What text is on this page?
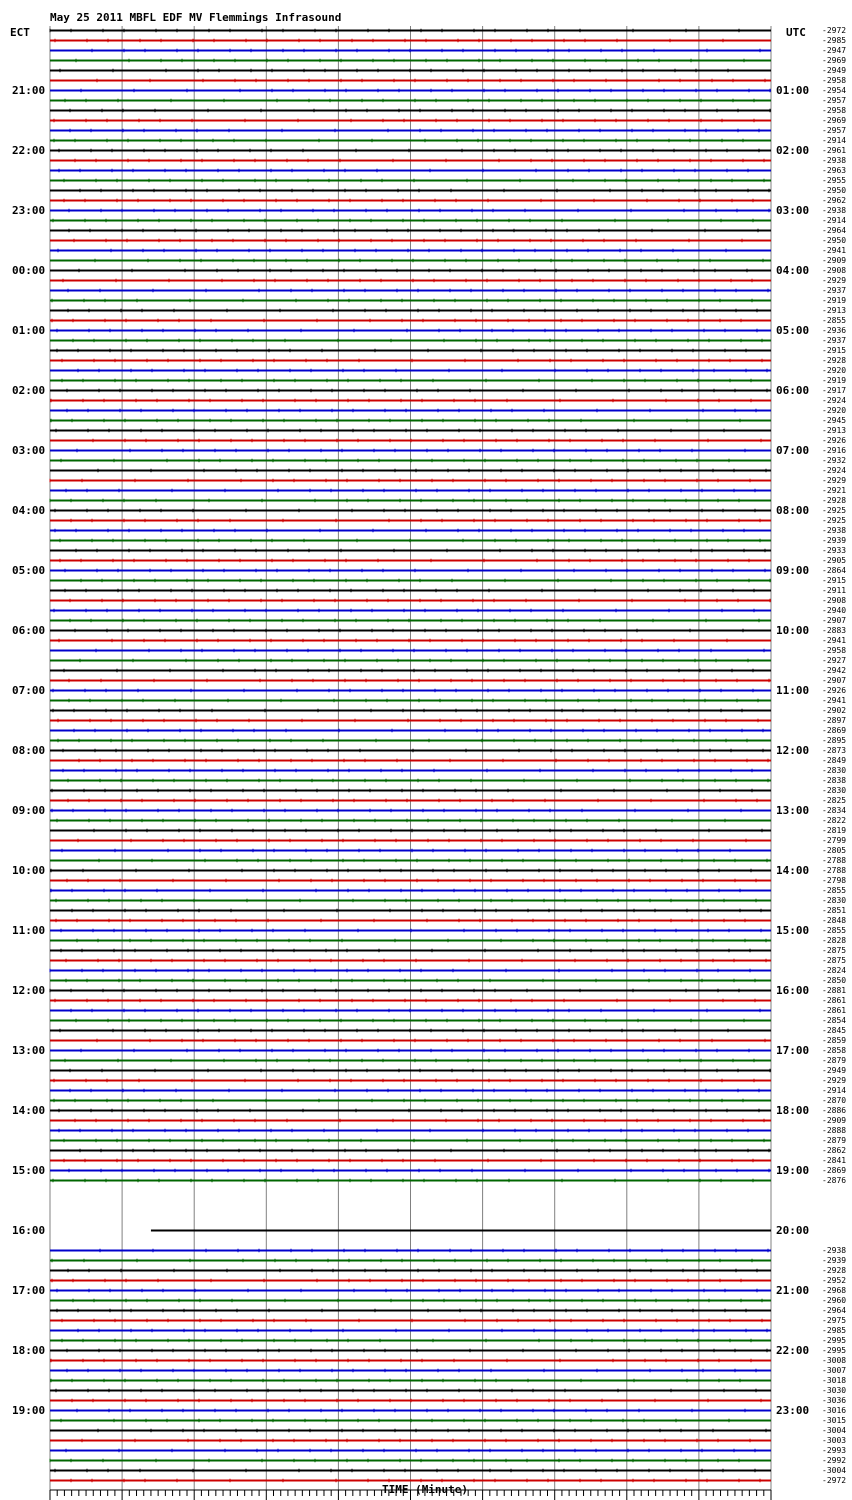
May 25 2011 MBFL EDF MV Flemmings Infrasound
ECT	UTC
21:00	01:00
22:00	02:00
23:00	03:00
00:00	04:00
01:00	05:00
02:00	06:00
03:00	07:00
04:00	08:00
05:00	09:00
06:00	10:00
07:00	11:00
08:00	12:00
09:00	13:00
10:00	14:00
11:00	15:00
12:00	16:00
13:00	17:00
14:00	18:00
15:00	19:00
16:00	20:00
17:00	21:00
18:00	22:00
19:00	23:00
-2972
-2985
-2947
-2969
-2949
-2958
-2954
-2957
-2958
-2969
-2957
-2914
-2961
-2938
-2963
-2955
-2950
-2962
-2938
-2914
-2964
-2950
-2941
-2909
-2908
-2929
-2937
-2919
-2913
-2855
-2936
-2937
-2915
-2928
-2920
-2919
-2917
-2924
-2920
-2945
-2913
-2926
-2916
-2932
-2924
-2929
-2921
-2928
-2925
-2925
-2938
-2939
-2933
-2905
-2864
-2915
-2911
-2908
-2940
-2907
-2883
-2941
-2958
-2927
-2942
-2907
-2926
-2941
-2902
-2897
-2869
-2895
-2873
-2849
-2830
-2838
-2830
-2825
-2834
-2822
-2819
-2799
-2805
-2788
-2788
-2798
-2855
-2830
-2851
-2848
-2855
-2828
-2875
-2875
-2824
-2850
-2881
-2861
-2861
-2854
-2845
-2859
-2858
-2879
-2949
-2929
-2914
-2870
-2886
-2909
-2888
-2879
-2862
-2841
-2869
-2876
-2938
-2939
-2928
-2952
-2968
-2960
-2964
-2975
-2985
-2995
-2995
-3008
-3007
-3018
-3030
-3036
-3016
-3015
-3004
-3003
-2993
-2992
-3004
-2972
TIME (Minute)
